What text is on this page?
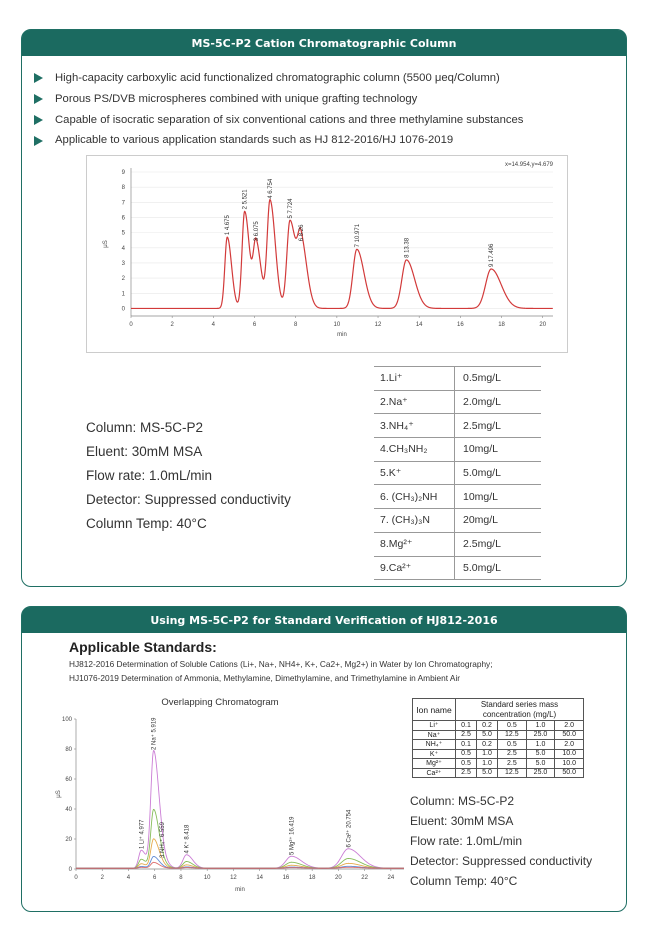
MS-5C-P2 Cation Chromatographic Column
High-capacity carboxylic acid functionalized chromatographic column (5500 μeq/Column)
Porous PS/DVB microspheres combined with unique grafting technology
Capable of isocratic separation of six conventional cations and three methylamine substances
Applicable to various application standards such as HJ 812-2016/HJ 1076-2019
0
1
2
3
4
5
6
7
8
9
0	2	4	6	8	10	12	14	16	18	20
min
μS
x=14.954,y=4.679
1 4.675
2 5.521
3 6.075
4 6.754
5 7.724
6 8.26	7 10.971
8 13.38	9 17.496
Column: MS-5C-P2
Eluent: 30mM MSA
Flow rate: 1.0mL/min
Detector: Suppressed conductivity
Column Temp: 40°C
1.Li⁺	0.5mg/L
2.Na⁺	2.0mg/L
3.NH₄⁺	2.5mg/L
4.CH₃NH₂	10mg/L
5.K⁺	5.0mg/L
6. (CH₃)₂NH	10mg/L
7. (CH₃)₃N	20mg/L
8.Mg²⁺	2.5mg/L
9.Ca²⁺	5.0mg/L
Using MS-5C-P2 for Standard Verification of HJ812-2016
Applicable Standards:
HJ812-2016 Determination of Soluble Cations (Li+, Na+, NH4+, K+, Ca2+, Mg2+) in Water by Ion Chromatography;
HJ1076-2019 Determination of Ammonia, Methylamine, Dimethylamine, and Trimethylamine in Ambient Air
Overlapping Chromatogram
0
20
40
60
80
100
0	2	4	6	8	10	12	14	16	18	20	22	24
min
μS
1 Li⁺ 4.977
2 Na⁺ 5.919
3 NH₄⁺ 6.559	4 K⁺ 8.418	5 Mg²⁺ 16.419	6 Ca²⁺ 20.754
Ion name	Standard series mass concentration (mg/L)				
Li⁺	0.1	0.2	0.5	1.0	2.0
Na⁺	2.5	5.0	12.5	25.0	50.0
NH₄⁺	0.1	0.2	0.5	1.0	2.0
K⁺	0.5	1.0	2.5	5.0	10.0
Mg²⁺	0.5	1.0	2.5	5.0	10.0
Ca²⁺	2.5	5.0	12.5	25.0	50.0
Column: MS-5C-P2
Eluent: 30mM MSA
Flow rate: 1.0mL/min
Detector: Suppressed conductivity
Column Temp: 40°C
